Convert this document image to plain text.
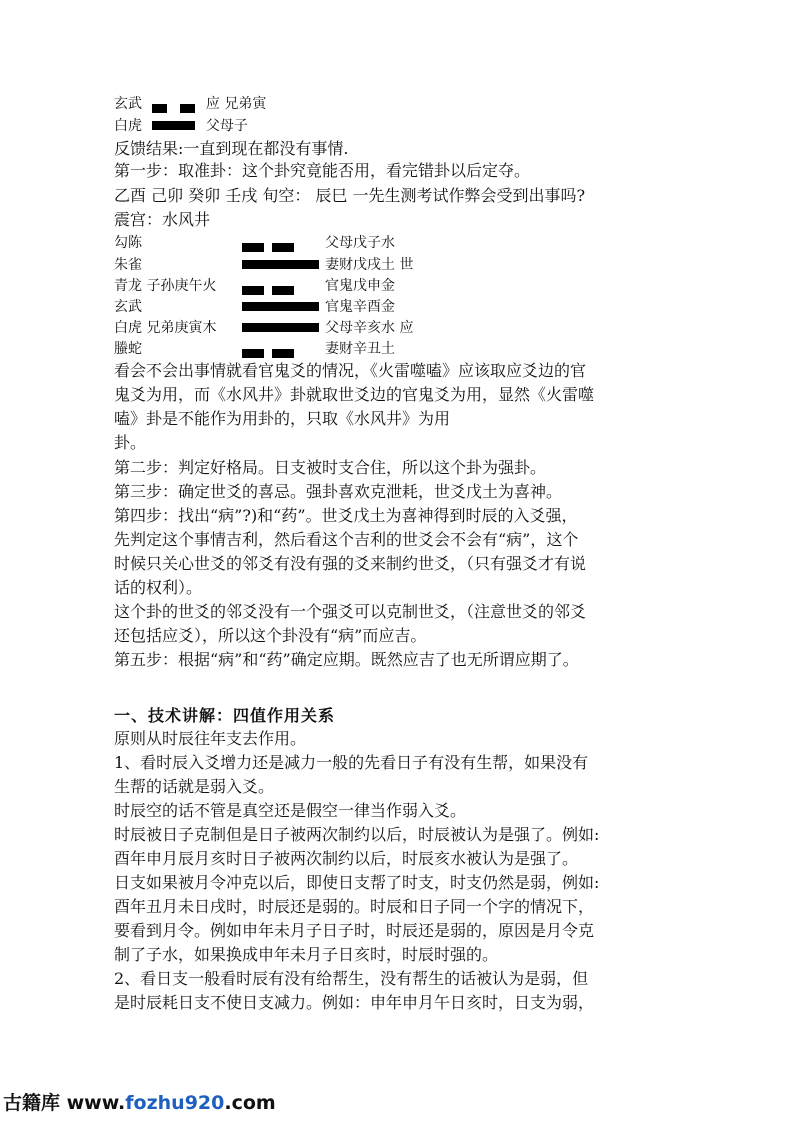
玄武	应 兄弟寅
白虎	父母子
反馈结果:一直到现在都没有事情.
第一步：取准卦：这个卦究竟能否用，看完错卦以后定夺。
乙酉 己卯 癸卯 壬戌 旬空： 辰巳 一先生测考试作弊会受到出事吗?
震宫：水风井
勾陈	父母戊子水
朱雀	妻财戊戌土 世
青龙 子孙庚午火	官鬼戊申金
玄武	官鬼辛酉金
白虎 兄弟庚寅木	父母辛亥水 应
螣蛇	妻财辛丑土
看会不会出事情就看官鬼爻的情况，《火雷噬嗑》应该取应爻边的官
鬼爻为用，而《水风井》卦就取世爻边的官鬼爻为用，显然《火雷噬
嗑》卦是不能作为用卦的，只取《水风井》为用
卦。
第二步：判定好格局。日支被时支合住，所以这个卦为强卦。
第三步：确定世爻的喜忌。强卦喜欢克泄耗，世爻戊土为喜神。
第四步：找出“病”?)和“药”。世爻戊土为喜神得到时辰的入爻强，
先判定这个事情吉利，然后看这个吉利的世爻会不会有“病”，这个
时候只关心世爻的邻爻有没有强的爻来制约世爻，（只有强爻才有说
话的权利）。
这个卦的世爻的邻爻没有一个强爻可以克制世爻，（注意世爻的邻爻
还包括应爻），所以这个卦没有“病”而应吉。
第五步：根据“病”和“药”确定应期。既然应吉了也无所谓应期了。
一、技术讲解：四值作用关系
原则从时辰往年支去作用。
1、看时辰入爻增力还是减力一般的先看日子有没有生帮，如果没有
生帮的话就是弱入爻。
时辰空的话不管是真空还是假空一律当作弱入爻。
时辰被日子克制但是日子被两次制约以后，时辰被认为是强了。例如:
酉年申月辰月亥时日子被两次制约以后，时辰亥水被认为是强了。
日支如果被月令冲克以后，即使日支帮了时支，时支仍然是弱，例如:
酉年丑月未日戌时，时辰还是弱的。时辰和日子同一个字的情况下，
要看到月令。例如申年未月子日子时，时辰还是弱的，原因是月令克
制了子水，如果换成申年未月子日亥时，时辰时强的。
2、看日支一般看时辰有没有给帮生，没有帮生的话被认为是弱，但
是时辰耗日支不使日支减力。例如：申年申月午日亥时，日支为弱，
古籍库 www.fozhu920.com
